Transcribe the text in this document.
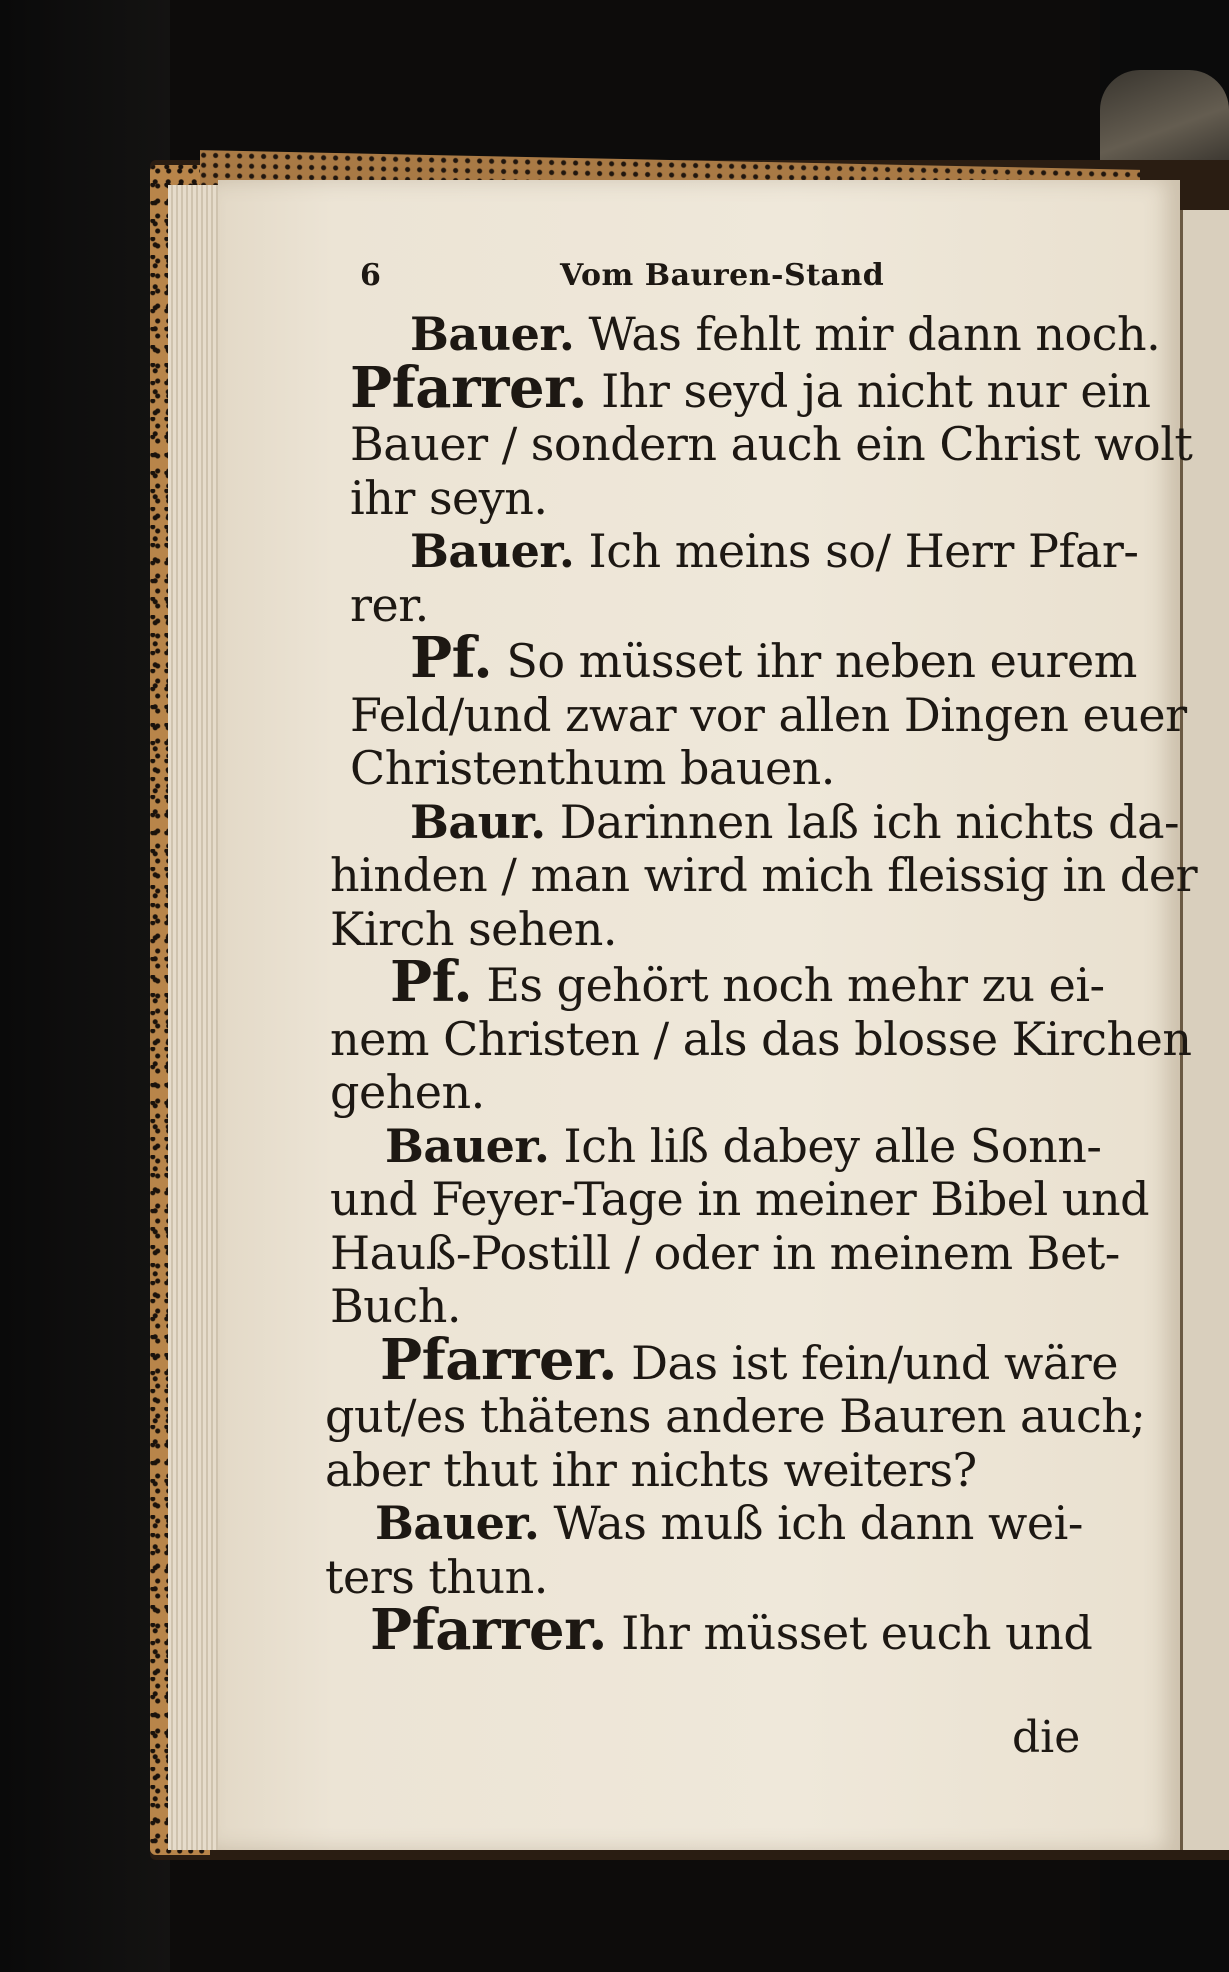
6	Vom Bauren-Stand
Bauer. Was fehlt mir dann noch.
Pfarrer. Ihr seyd ja nicht nur ein
Bauer / sondern auch ein Christ wolt
ihr seyn.
Bauer. Ich meins so/ Herr Pfar-
rer.
Pf. So müsset ihr neben eurem
Feld/und zwar vor allen Dingen euer
Christenthum bauen.
Baur. Darinnen laß ich nichts da-
hinden / man wird mich fleissig in der
Kirch sehen.
Pf. Es gehört noch mehr zu ei-
nem Christen / als das blosse Kirchen
gehen.
Bauer. Ich liß dabey alle Sonn-
und Feyer-Tage in meiner Bibel und
Hauß-Postill / oder in meinem Bet-
Buch.
Pfarrer. Das ist fein/und wäre
gut/es thätens andere Bauren auch;
aber thut ihr nichts weiters?
Bauer. Was muß ich dann wei-
ters thun.
Pfarrer. Ihr müsset euch und
die
